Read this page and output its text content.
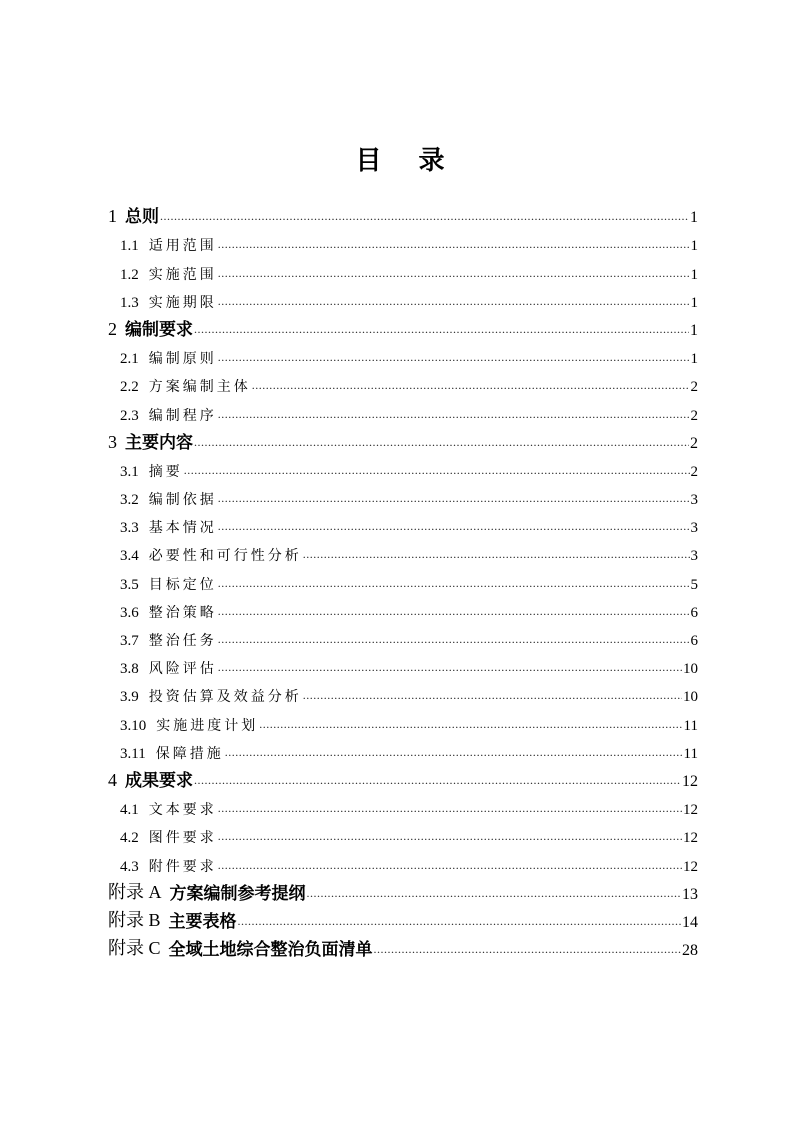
目 录
1 总则 .....	1
1.1 适用范围 .....	1
1.2 实施范围 .....	1
1.3 实施期限 .....	1
2 编制要求 .....	1
2.1 编制原则 .....	1
2.2 方案编制主体 .....	2
2.3 编制程序 .....	2
3 主要内容 .....	2
3.1 摘要 .....	2
3.2 编制依据 .....	3
3.3 基本情况 .....	3
3.4 必要性和可行性分析 .....	3
3.5 目标定位 .....	5
3.6 整治策略 .....	6
3.7 整治任务 .....	6
3.8 风险评估 .....	10
3.9 投资估算及效益分析 .....	10
3.10 实施进度计划 .....	11
3.11 保障措施 .....	11
4 成果要求 .....	12
4.1 文本要求 .....	12
4.2 图件要求 .....	12
4.3 附件要求 .....	12
附录 A 方案编制参考提纲 .....	13
附录 B 主要表格 .....	14
附录 C 全域土地综合整治负面清单 .....	28
